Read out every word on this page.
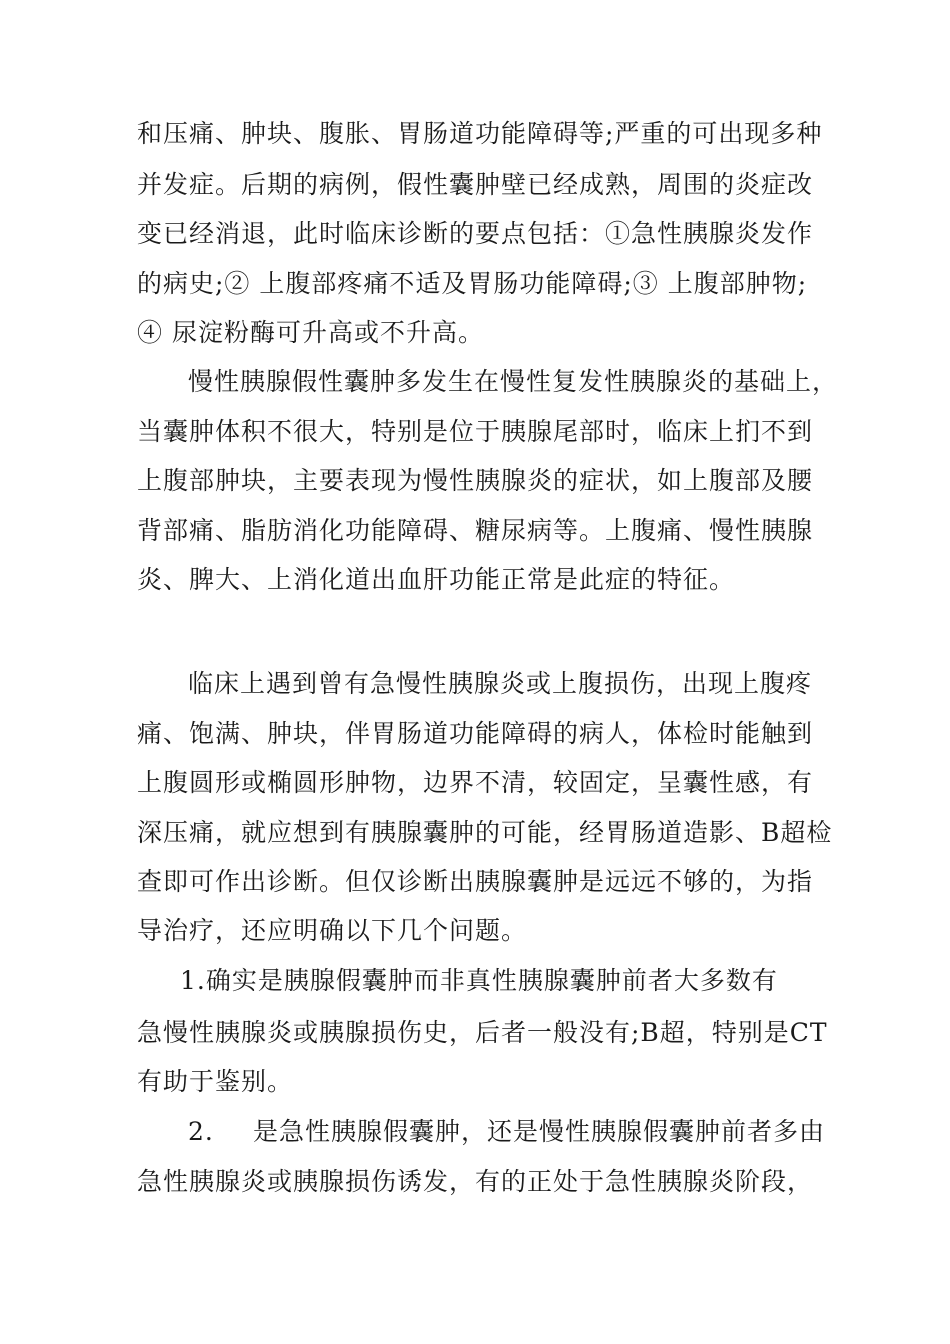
和压痛、肿块、腹胀、胃肠道功能障碍等;严重的可出现多种
并发症。后期的病例，假性囊肿壁已经成熟，周围的炎症改
变已经消退，此时临床诊断的要点包括：①急性胰腺炎发作
的病史;② 上腹部疼痛不适及胃肠功能障碍;③ 上腹部肿物;
④ 尿淀粉酶可升高或不升高。
慢性胰腺假性囊肿多发生在慢性复发性胰腺炎的基础上，
当囊肿体积不很大，特别是位于胰腺尾部时，临床上扪不到
上腹部肿块，主要表现为慢性胰腺炎的症状，如上腹部及腰
背部痛、脂肪消化功能障碍、糖尿病等。上腹痛、慢性胰腺
炎、脾大、上消化道出血肝功能正常是此症的特征。
临床上遇到曾有急慢性胰腺炎或上腹损伤，出现上腹疼
痛、饱满、肿块，伴胃肠道功能障碍的病人，体检时能触到
上腹圆形或椭圆形肿物，边界不清，较固定，呈囊性感，有
深压痛，就应想到有胰腺囊肿的可能，经胃肠道造影、B超检
查即可作出诊断。但仅诊断出胰腺囊肿是远远不够的，为指
导治疗，还应明确以下几个问题。
1.确实是胰腺假囊肿而非真性胰腺囊肿前者大多数有
急慢性胰腺炎或胰腺损伤史，后者一般没有;B超，特别是CT
有助于鉴别。
2. 是急性胰腺假囊肿，还是慢性胰腺假囊肿前者多由
急性胰腺炎或胰腺损伤诱发，有的正处于急性胰腺炎阶段，
